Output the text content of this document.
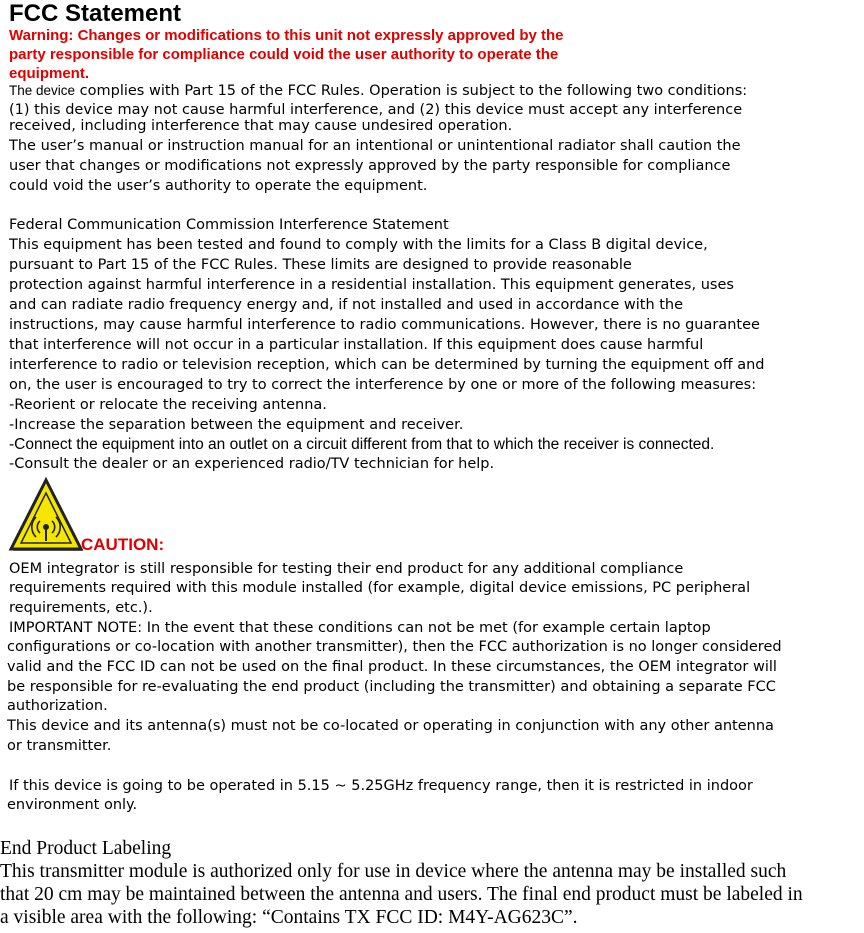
FCC Statement
Warning: Changes or modifications to this unit not expressly approved by the
party responsible for compliance could void the user authority to operate the
equipment.
The device complies with Part 15 of the FCC Rules. Operation is subject to the following two conditions:
(1) this device may not cause harmful interference, and (2) this device must accept any interference
received, including interference that may cause undesired operation.
The user’s manual or instruction manual for an intentional or unintentional radiator shall caution the
user that changes or modifications not expressly approved by the party responsible for compliance
could void the user’s authority to operate the equipment.
Federal Communication Commission Interference Statement
This equipment has been tested and found to comply with the limits for a Class B digital device,
pursuant to Part 15 of the FCC Rules. These limits are designed to provide reasonable
protection against harmful interference in a residential installation. This equipment generates, uses
and can radiate radio frequency energy and, if not installed and used in accordance with the
instructions, may cause harmful interference to radio communications. However, there is no guarantee
that interference will not occur in a particular installation. If this equipment does cause harmful
interference to radio or television reception, which can be determined by turning the equipment off and
on, the user is encouraged to try to correct the interference by one or more of the following measures:
-Reorient or relocate the receiving antenna.
-Increase the separation between the equipment and receiver.
-Connect the equipment into an outlet on a circuit different from that to which the receiver is connected.
-Consult the dealer or an experienced radio/TV technician for help.
CAUTION:
OEM integrator is still responsible for testing their end product for any additional compliance
requirements required with this module installed (for example, digital device emissions, PC peripheral
requirements, etc.).
IMPORTANT NOTE: In the event that these conditions can not be met (for example certain laptop
configurations or co-location with another transmitter), then the FCC authorization is no longer considered
valid and the FCC ID can not be used on the final product. In these circumstances, the OEM integrator will
be responsible for re-evaluating the end product (including the transmitter) and obtaining a separate FCC
authorization.
This device and its antenna(s) must not be co-located or operating in conjunction with any other antenna
or transmitter.
If this device is going to be operated in 5.15 ~ 5.25GHz frequency range, then it is restricted in indoor
environment only.
End Product Labeling
This transmitter module is authorized only for use in device where the antenna may be installed such
that 20 cm may be maintained between the antenna and users. The final end product must be labeled in
a visible area with the following: “Contains TX FCC ID: M4Y-AG623C”.
